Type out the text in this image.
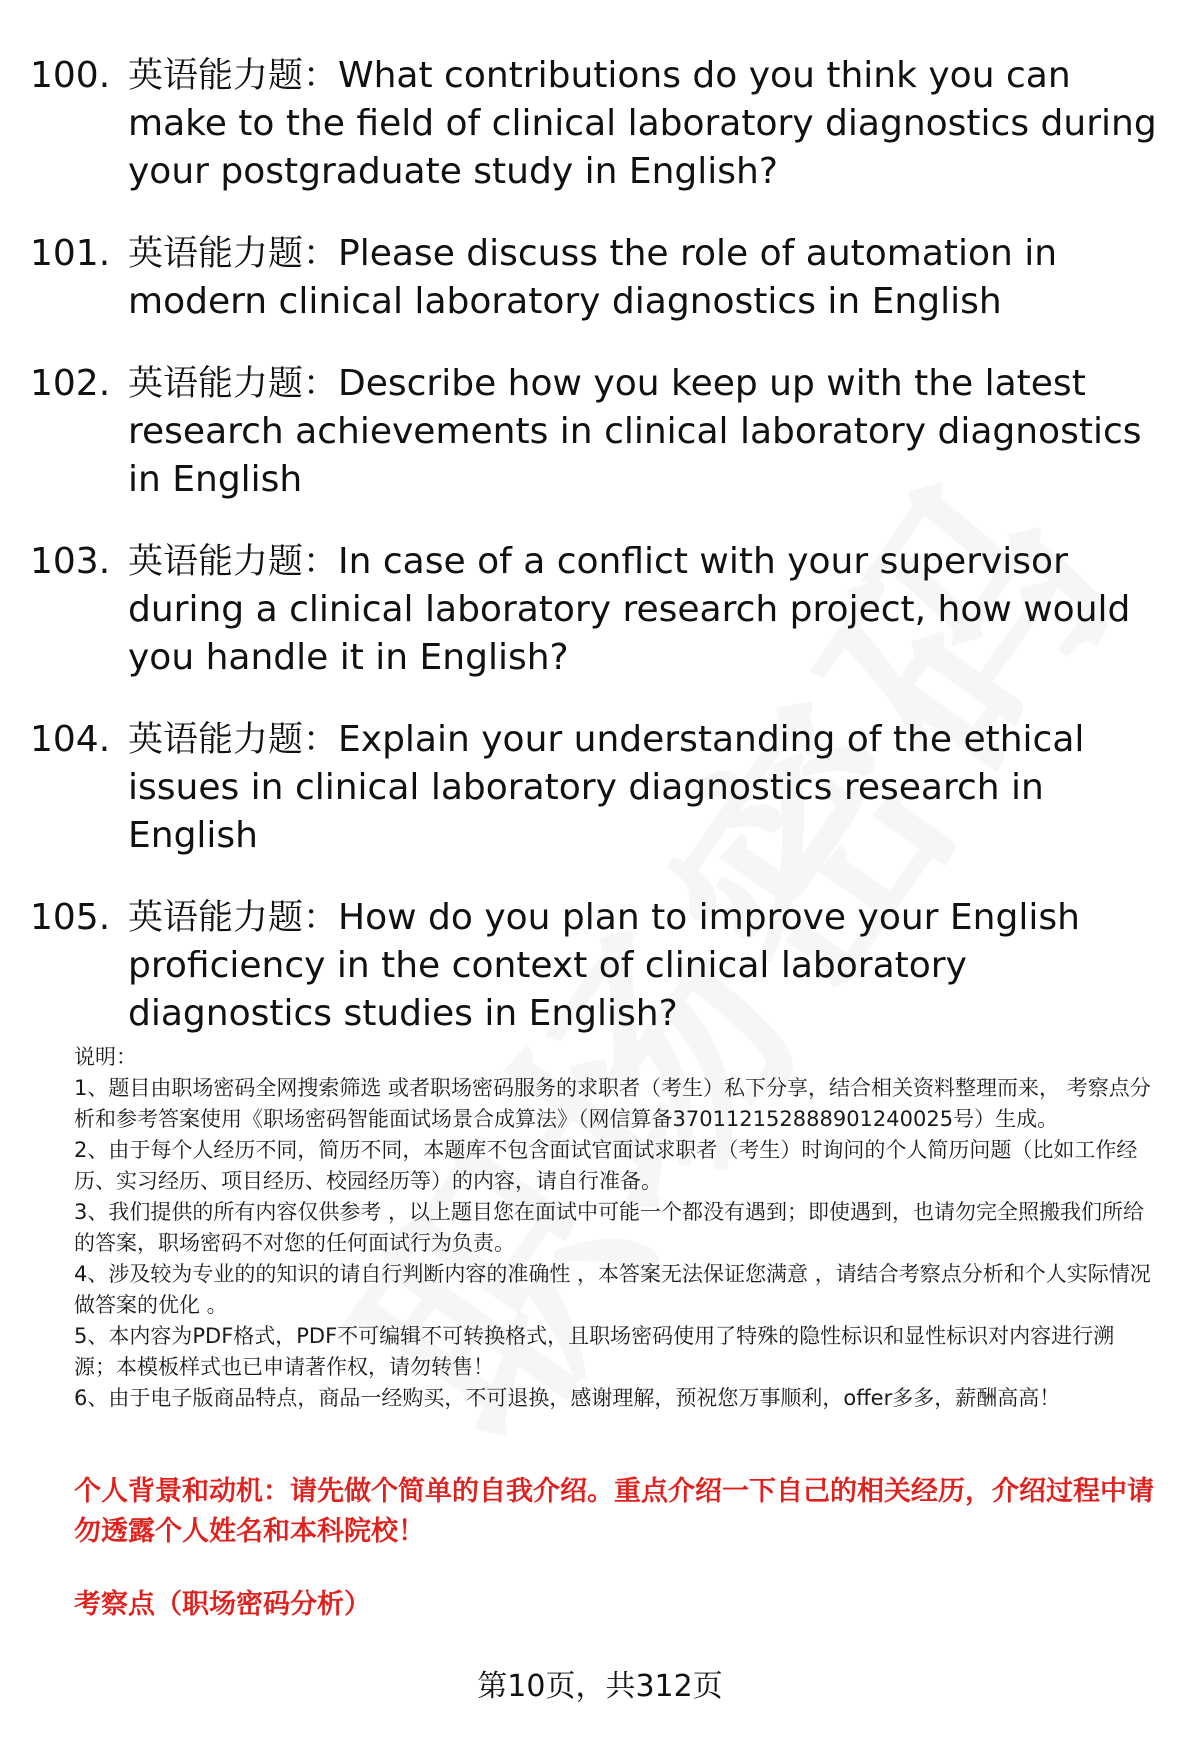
100. 英语能力题：What contributions do you think you can make to the field of clinical laboratory diagnostics during your postgraduate study in English?
101. 英语能力题：Please discuss the role of automation in modern clinical laboratory diagnostics in English
102. 英语能力题：Describe how you keep up with the latest research achievements in clinical laboratory diagnostics in English
103. 英语能力题：In case of a conflict with your supervisor during a clinical laboratory research project, how would you handle it in English?
104. 英语能力题：Explain your understanding of the ethical issues in clinical laboratory diagnostics research in English
105. 英语能力题：How do you plan to improve your English proficiency in the context of clinical laboratory diagnostics studies in English?

说明：

1、题目由职场密码全网搜索筛选 或者职场密码服务的求职者（考生）私下分享，结合相关资料整理而来， 考察点分析和参考答案使用《职场密码智能面试场景合成算法》（网信算备370112152888901240025号）生成。

2、由于每个人经历不同，简历不同，本题库不包含面试官面试求职者（考生）时询问的个人简历问题（比如工作经历、实习经历、项目经历、校园经历等）的内容，请自行准备。

3、我们提供的所有内容仅供参考 ，以上题目您在面试中可能一个都没有遇到；即使遇到，也请勿完全照搬我们所给的答案，职场密码不对您的任何面试行为负责。

4、涉及较为专业的的知识的请自行判断内容的准确性 ，本答案无法保证您满意 ，请结合考察点分析和个人实际情况做答案的优化 。

5、本内容为PDF格式，PDF不可编辑不可转换格式，且职场密码使用了特殊的隐性标识和显性标识对内容进行溯源；本模板样式也已申请著作权，请勿转售！

6、由于电子版商品特点，商品一经购买，不可退换，感谢理解，预祝您万事顺利，offer多多，薪酬高高！

个人背景和动机：请先做个简单的自我介绍。重点介绍一下自己的相关经历，介绍过程中请勿透露个人姓名和本科院校！
考察点（职场密码分析）
第10页，共312页
